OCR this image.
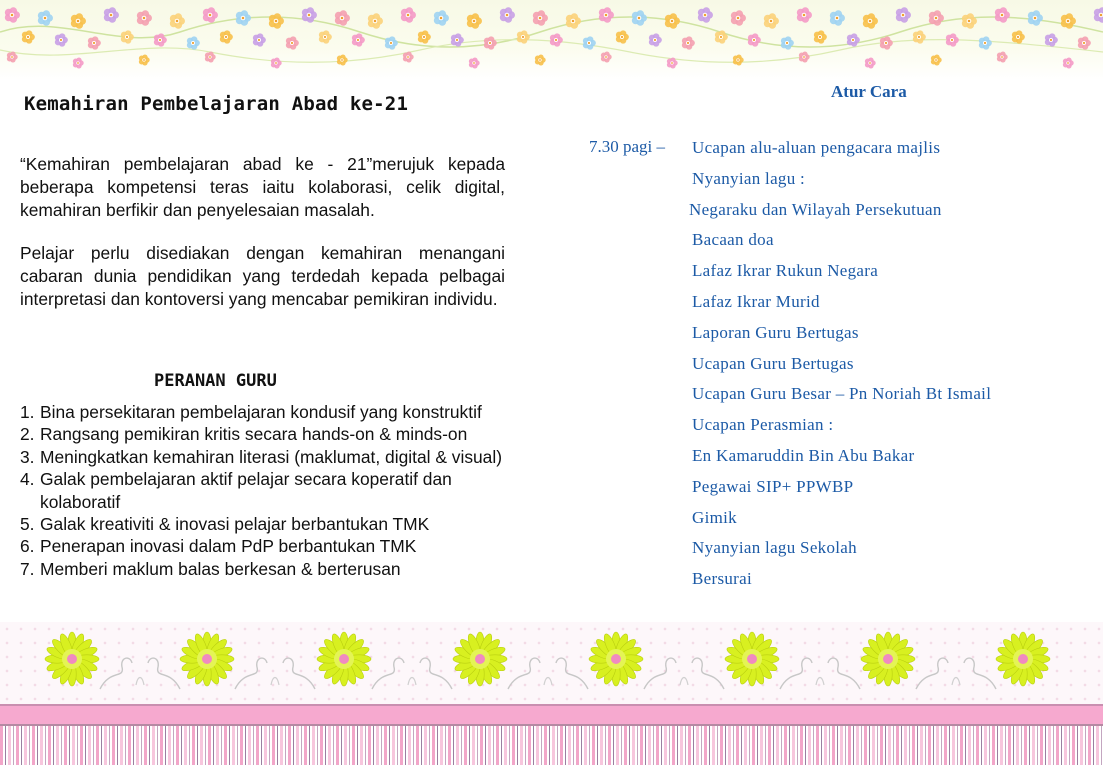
Kemahiran Pembelajaran Abad ke-21
“Kemahiran pembelajaran abad ke - 21”merujuk kepada beberapa kompetensi teras iaitu kolaborasi, celik digital, kemahiran berfikir dan penyelesaian masalah.
Pelajar perlu disediakan dengan kemahiran menangani cabaran dunia pendidikan yang terdedah kepada pelbagai interpretasi dan kontoversi yang mencabar pemikiran individu.
PERANAN GURU
1. Bina persekitaran pembelajaran kondusif yang konstruktif
2. Rangsang pemikiran kritis secara hands-on & minds-on
3. Meningkatkan kemahiran literasi (maklumat, digital & visual)
4. Galak pembelajaran aktif pelajar secara koperatif dan kolaboratif
5. Galak kreativiti & inovasi pelajar berbantukan TMK
6. Penerapan inovasi dalam PdP berbantukan TMK
7. Memberi maklum balas berkesan & berterusan
Atur Cara
7.30 pagi – Ucapan alu-aluan pengacara majlis
Nyanyian lagu :
Negaraku dan Wilayah Persekutuan
Bacaan doa
Lafaz Ikrar Rukun Negara
Lafaz Ikrar Murid
Laporan Guru Bertugas
Ucapan Guru Bertugas
Ucapan Guru Besar – Pn Noriah Bt Ismail
Ucapan Perasmian :
En Kamaruddin Bin Abu Bakar
Pegawai SIP+ PPWBP
Gimik
Nyanyian lagu Sekolah
Bersurai
